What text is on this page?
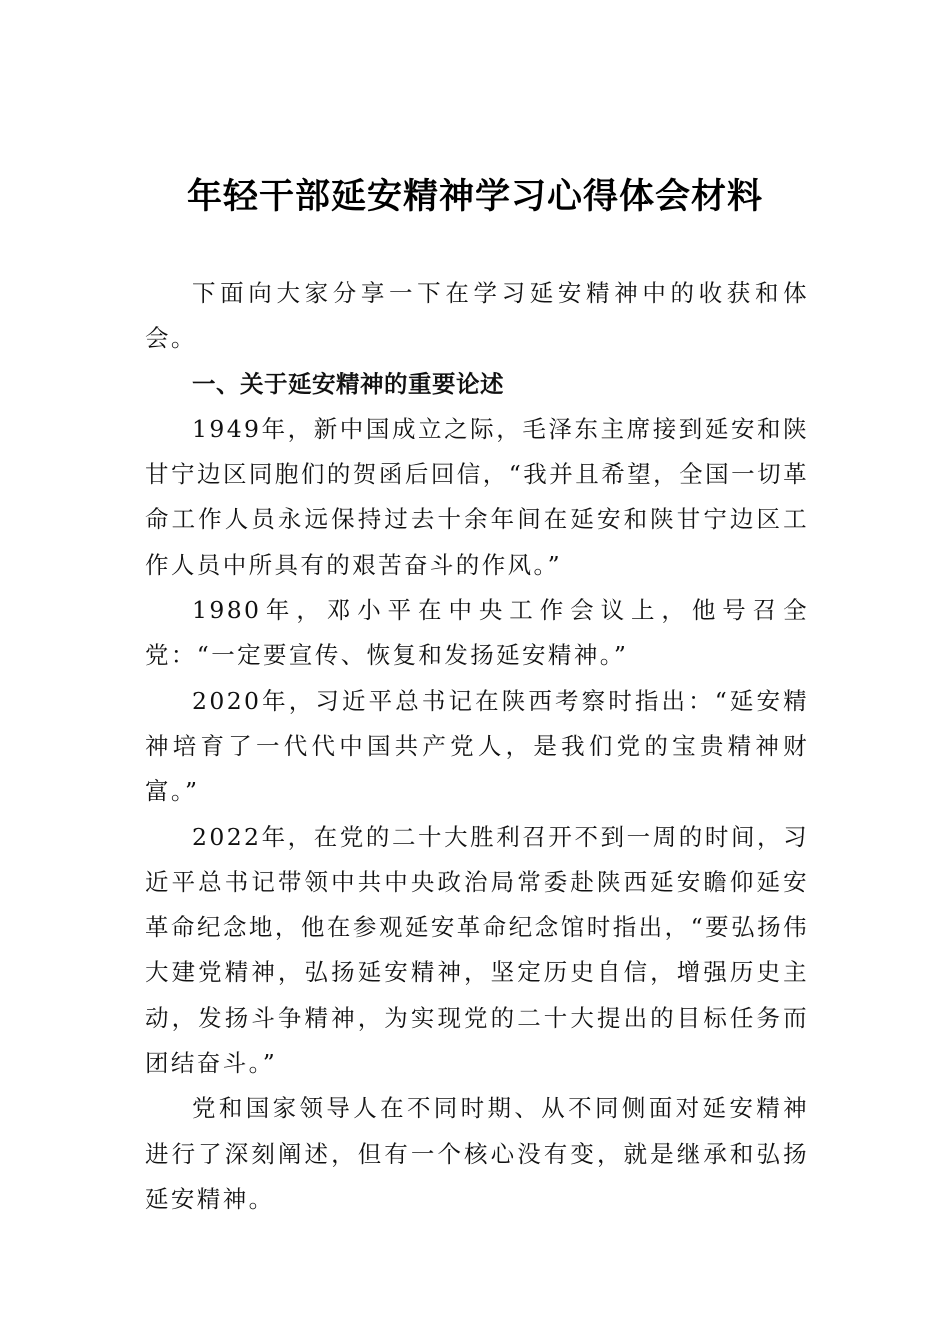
年轻干部延安精神学习心得体会材料

下面向大家分享一下在学习延安精神中的收获和体会。

一、关于延安精神的重要论述

1949年，新中国成立之际，毛泽东主席接到延安和陕甘宁边区同胞们的贺函后回信，“我并且希望，全国一切革命工作人员永远保持过去十余年间在延安和陕甘宁边区工作人员中所具有的艰苦奋斗的作风。”

1980年，邓小平在中央工作会议上，他号召全党：“一定要宣传、恢复和发扬延安精神。”

2020年，习近平总书记在陕西考察时指出：“延安精神培育了一代代中国共产党人，是我们党的宝贵精神财富。”

2022年，在党的二十大胜利召开不到一周的时间，习近平总书记带领中共中央政治局常委赴陕西延安瞻仰延安革命纪念地，他在参观延安革命纪念馆时指出，“要弘扬伟大建党精神，弘扬延安精神，坚定历史自信，增强历史主动，发扬斗争精神，为实现党的二十大提出的目标任务而团结奋斗。”

党和国家领导人在不同时期、从不同侧面对延安精神进行了深刻阐述，但有一个核心没有变，就是继承和弘扬延安精神。
